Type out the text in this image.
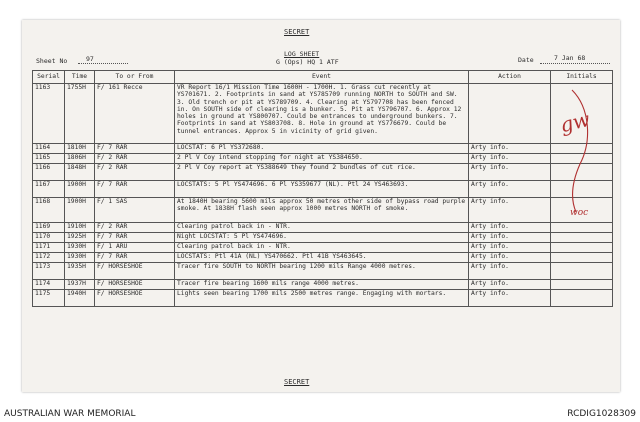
SECRET
Sheet No	97
LOG SHEET
G (Ops) HQ 1 ATF	Date	7 Jan 68
Serial	Time	To or From	Event	Action	Initials
1163	1755H	F/ 161 Recce	VR Report 16/1 Mission Time 1600H - 1700H. 1. Grass cut recently at YS701671. 2. Footprints in sand at YS785709 running NORTH to SOUTH and SW. 3. Old trench or pit at YS789709. 4. Clearing at YS797708 has been fenced in. On SOUTH side of clearing is a bunker. 5. Pit at YS796707. 6. Approx 12 holes in ground at YS800707. Could be entrances to underground bunkers. 7. Footprints in sand at YS803708. 8. Hole in ground at YS776679. Could be tunnel entrances. Approx 5 in vicinity of grid given.		
1164	1810H	F/ 7 RAR	LOCSTAT: 6 Pl YS372680.	Arty info.	
1165	1806H	F/ 2 RAR	2 Pl V Coy intend stopping for night at YS384650.	Arty info.	
1166	1848H	F/ 2 RAR	2 Pl V Coy report at YS388649 they found 2 bundles of cut rice.	Arty info.	
1167	1900H	F/ 7 RAR	LOCSTATS: 5 Pl YS474696. 6 Pl YS359677 (NL). Ptl 24 YS463693.	Arty info.	
1168	1900H	F/ 1 SAS	At 1840H bearing 5600 mils approx 50 metres other side of bypass road purple smoke. At 1838H flash seen approx 1000 metres NORTH of smoke.	Arty info.	
1169	1910H	F/ 2 RAR	Clearing patrol back in - NTR.	Arty info.	
1170	1925H	F/ 7 RAR	Night LOCSTAT: 5 Pl YS474696.	Arty info.	
1171	1930H	F/ 1 ARU	Clearing patrol back in - NTR.	Arty info.	
1172	1930H	F/ 7 RAR	LOCSTATS: Ptl 41A (NL) YS470662. Ptl 41B YS463645.	Arty info.	
1173	1935H	F/ HORSESHOE	Tracer fire SOUTH to NORTH bearing 1200 mils Range 4000 metres.	Arty info.	
1174	1937H	F/ HORSESHOE	Tracer fire bearing 1600 mils range 4000 metres.	Arty info.	
1175	1940H	F/ HORSESHOE	Lights seen bearing 1700 mils 2500 metres range. Engaging with mortars.	Arty info.	
gw
woc
SECRET
AUSTRALIAN WAR MEMORIAL	RCDIG1028309
